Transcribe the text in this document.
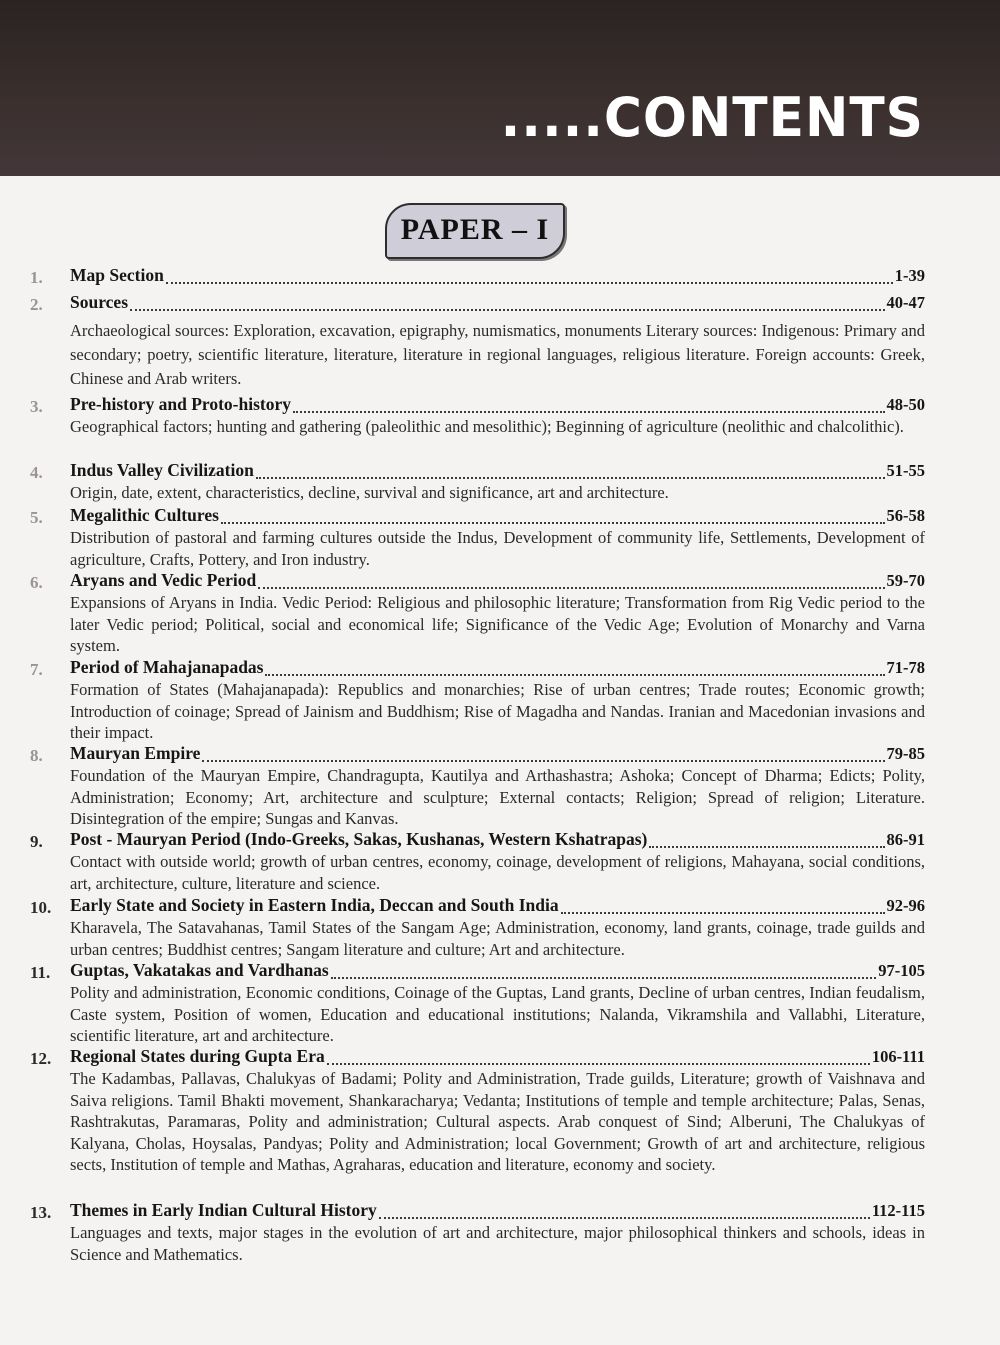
.....CONTENTS
PAPER – I
1.	Map Section	1-39
2.	Sources	40-47
Archaeological sources: Exploration, excavation, epigraphy, numismatics, monuments Literary sources: Indigenous: Primary and secondary; poetry, scientific literature, literature, literature in regional languages, religious literature. Foreign accounts: Greek, Chinese and Arab writers.
3.	Pre-history and Proto-history	48-50
Geographical factors; hunting and gathering (paleolithic and mesolithic); Beginning of agriculture (neolithic and chalcolithic).
4.	Indus Valley Civilization	51-55
Origin, date, extent, characteristics, decline, survival and significance, art and architecture.
5.	Megalithic Cultures	56-58
Distribution of pastoral and farming cultures outside the Indus, Development of community life, Settlements, Development of agriculture, Crafts, Pottery, and Iron industry.
6.	Aryans and Vedic Period	59-70
Expansions of Aryans in India. Vedic Period: Religious and philosophic literature; Transformation from Rig Vedic period to the later Vedic period; Political, social and economical life; Significance of the Vedic Age; Evolution of Monarchy and Varna system.
7.	Period of Mahajanapadas	71-78
Formation of States (Mahajanapada): Republics and monarchies; Rise of urban centres; Trade routes; Economic growth; Introduction of coinage; Spread of Jainism and Buddhism; Rise of Magadha and Nandas. Iranian and Macedonian invasions and their impact.
8.	Mauryan Empire	79-85
Foundation of the Mauryan Empire, Chandragupta, Kautilya and Arthashastra; Ashoka; Concept of Dharma; Edicts; Polity, Administration; Economy; Art, architecture and sculpture; External contacts; Religion; Spread of religion; Literature. Disintegration of the empire; Sungas and Kanvas.
9.	Post - Mauryan Period (Indo-Greeks, Sakas, Kushanas, Western Kshatrapas)	86-91
Contact with outside world; growth of urban centres, economy, coinage, development of religions, Mahayana, social conditions, art, architecture, culture, literature and science.
10.	Early State and Society in Eastern India, Deccan and South India	92-96
Kharavela, The Satavahanas, Tamil States of the Sangam Age; Administration, economy, land grants, coinage, trade guilds and urban centres; Buddhist centres; Sangam literature and culture; Art and architecture.
11.	Guptas, Vakatakas and Vardhanas	97-105
Polity and administration, Economic conditions, Coinage of the Guptas, Land grants, Decline of urban centres, Indian feudalism, Caste system, Position of women, Education and educational institutions; Nalanda, Vikramshila and Vallabhi, Literature, scientific literature, art and architecture.
12.	Regional States during Gupta Era	106-111
The Kadambas, Pallavas, Chalukyas of Badami; Polity and Administration, Trade guilds, Literature; growth of Vaishnava and Saiva religions. Tamil Bhakti movement, Shankaracharya; Vedanta; Institutions of temple and temple architecture; Palas, Senas, Rashtrakutas, Paramaras, Polity and administration; Cultural aspects. Arab conquest of Sind; Alberuni, The Chalukyas of Kalyana, Cholas, Hoysalas, Pandyas; Polity and Administration; local Government; Growth of art and architecture, religious sects, Institution of temple and Mathas, Agraharas, education and literature, economy and society.
13.	Themes in Early Indian Cultural History	112-115
Languages and texts, major stages in the evolution of art and architecture, major philosophical thinkers and schools, ideas in Science and Mathematics.
